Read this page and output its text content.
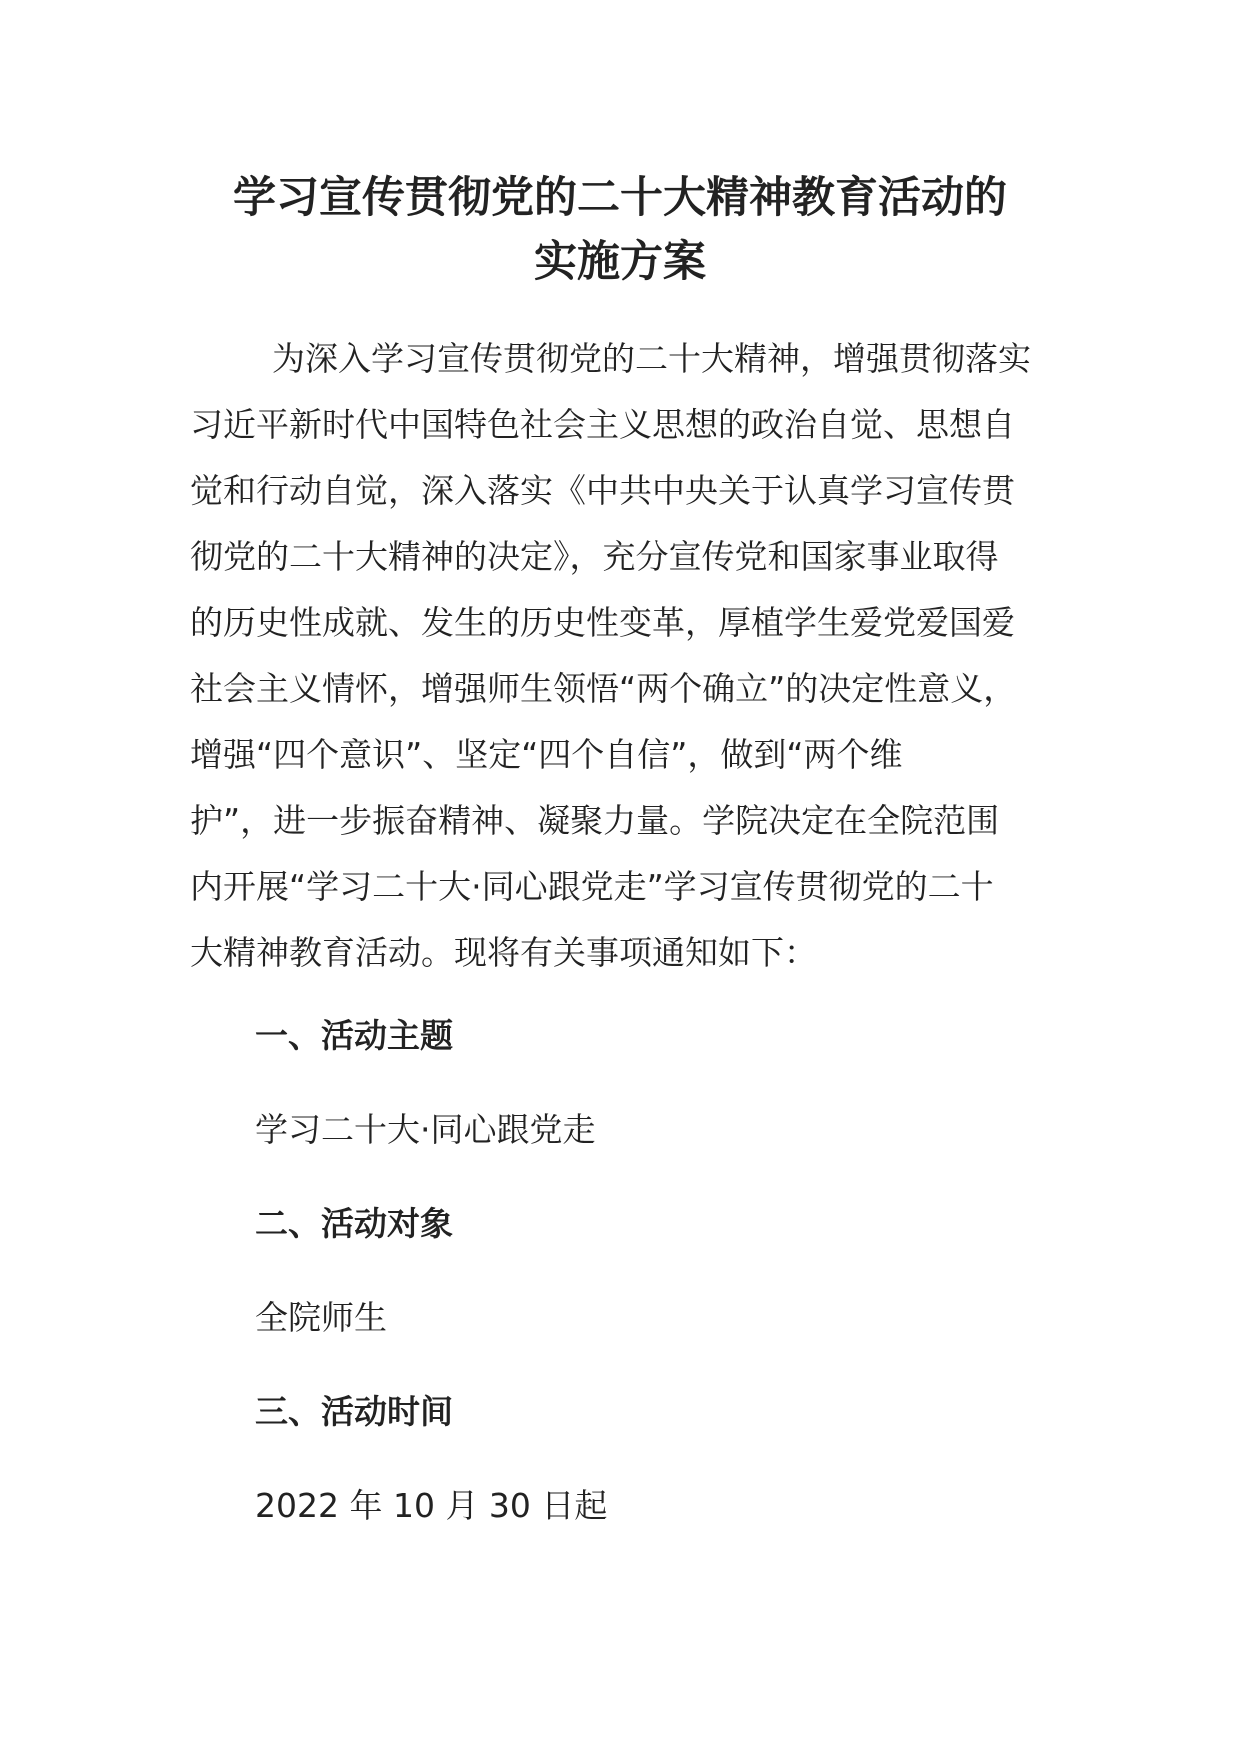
学习宣传贯彻党的二十大精神教育活动的
实施方案

为深入学习宣传贯彻党的二十大精神，增强贯彻落实
习近平新时代中国特色社会主义思想的政治自觉、思想自
觉和行动自觉，深入落实《中共中央关于认真学习宣传贯
彻党的二十大精神的决定》，充分宣传党和国家事业取得
的历史性成就、发生的历史性变革，厚植学生爱党爱国爱
社会主义情怀，增强师生领悟“两个确立”的决定性意义，
增强“四个意识”、坚定“四个自信”，做到“两个维
护”，进一步振奋精神、凝聚力量。学院决定在全院范围
内开展“学习二十大·同心跟党走”学习宣传贯彻党的二十
大精神教育活动。现将有关事项通知如下：

一、活动主题

学习二十大·同心跟党走

二、活动对象

全院师生

三、活动时间

2022 年 10 月 30 日起
